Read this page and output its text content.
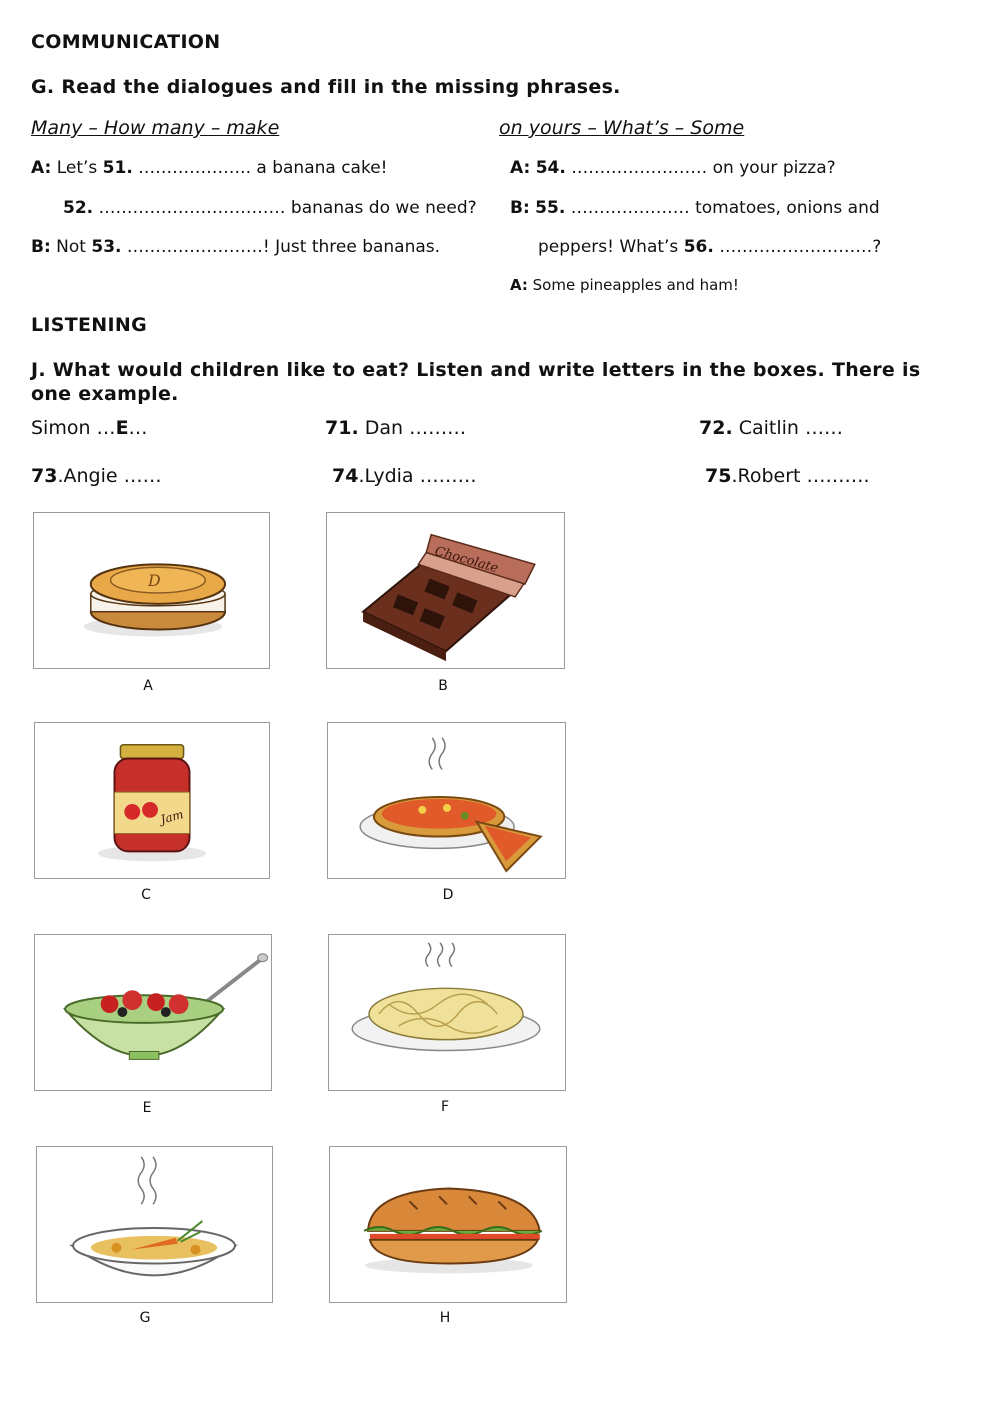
COMMUNICATION
G. Read the dialogues and fill in the missing phrases.
Many – How many – make	on yours – What’s – Some
A: Let’s 51. ……………….. a banana cake!
52. …………………………… bananas do we need?
B: Not 53. ……………………! Just three bananas.
A: 54. …………………… on your pizza?
B: 55. ………………… tomatoes, onions and
peppers! What’s 56. ………………………?
A: Some pineapples and ham!
LISTENING
J. What would children like to eat? Listen and write letters in the boxes. There is
one example.
Simon …E…	71. Dan ………	72. Caitlin ……
73.Angie ……	74.Lydia ………	75.Robert ……….
D
A
Chocolate
B
Jam
C	D
E	F
G	H
